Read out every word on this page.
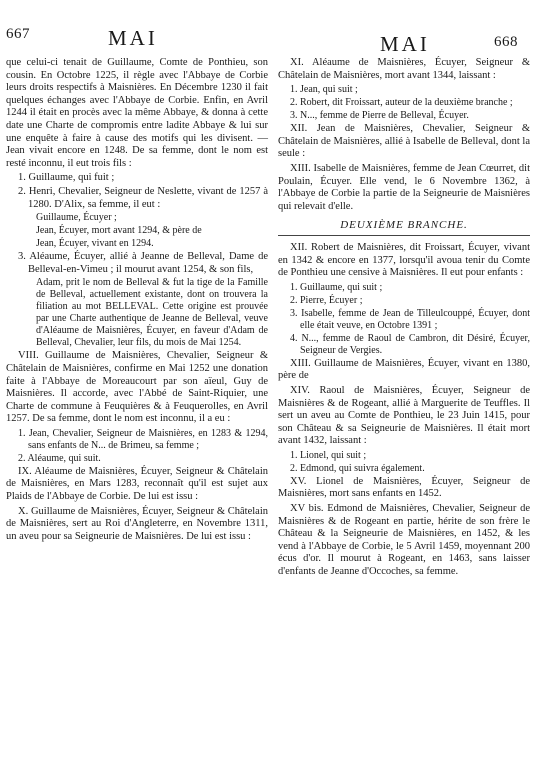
667	MAI	MAI	668

que celui-ci tenait de Guillaume, Comte de Ponthieu, son cousin. En Octobre 1225, il règle avec l'Abbaye de Corbie leurs droits respectifs à Maisnières. En Décembre 1230 il fait quelques échanges avec l'Abbaye de Corbie. Enfin, en Avril 1244 il était en procès avec la même Abbaye, & donna à cette date une Charte de compromis entre ladite Abbaye & lui sur une enquête à faire à cause des motifs qui les divisent. — Jean vivait encore en 1248. De sa femme, dont le nom est resté inconnu, il eut trois fils :

1. Guillaume, qui fuit ;

2. Henri, Chevalier, Seigneur de Neslette, vivant de 1257 à 1280. D'Alix, sa femme, il eut :

Guillaume, Écuyer ;

Jean, Écuyer, mort avant 1294, & père de

Jean, Écuyer, vivant en 1294.

3. Aléaume, Écuyer, allié à Jeanne de Belleval, Dame de Belleval-en-Vimeu ; il mourut avant 1254, & son fils,

Adam, prit le nom de Belleval & fut la tige de la Famille de Belleval, actuellement existante, dont on trouvera la filiation au mot BELLEVAL. Cette origine est prouvée par une Charte authentique de Jeanne de Belleval, veuve d'Aléaume de Maisnières, Écuyer, en faveur d'Adam de Belleval, Chevalier, leur fils, du mois de Mai 1254.

VIII. Guillaume de Maisnières, Chevalier, Seigneur & Châtelain de Maisnières, confirme en Mai 1252 une donation faite à l'Abbaye de Moreaucourt par son aïeul, Guy de Maisnières. Il accorde, avec l'Abbé de Saint-Riquier, une Charte de commune à Feuquières & à Feuquerolles, en Avril 1257. De sa femme, dont le nom est inconnu, il a eu :

1. Jean, Chevalier, Seigneur de Maisnières, en 1283 & 1294, sans enfants de N... de Brimeu, sa femme ;

2. Aléaume, qui suit.

IX. Aléaume de Maisnières, Écuyer, Seigneur & Châtelain de Maisnières, en Mars 1283, reconnaît qu'il est sujet aux Plaids de l'Abbaye de Corbie. De lui est issu :

X. Guillaume de Maisnières, Écuyer, Seigneur & Châtelain de Maisnières, sert au Roi d'Angleterre, en Novembre 1311, un aveu pour sa Seigneurie de Maisnières. De lui est issu :

XI. Aléaume de Maisnières, Écuyer, Seigneur & Châtelain de Maisnières, mort avant 1344, laissant :

1. Jean, qui suit ;

2. Robert, dit Froissart, auteur de la deuxième branche ;

3. N..., femme de Pierre de Belleval, Écuyer.

XII. Jean de Maisnières, Chevalier, Seigneur & Châtelain de Maisnières, allié à Isabelle de Belleval, dont la seule :

XIII. Isabelle de Maisnières, femme de Jean Cœurret, dit Poulain, Écuyer. Elle vend, le 6 Novembre 1362, à l'Abbaye de Corbie la partie de la Seigneurie de Maisnières qui relevait d'elle.

DEUXIÈME BRANCHE.

XII. Robert de Maisnières, dit Froissart, Écuyer, vivant en 1342 & encore en 1377, lorsqu'il avoua tenir du Comte de Ponthieu une censive à Maisnières. Il eut pour enfants :

1. Guillaume, qui suit ;

2. Pierre, Écuyer ;

3. Isabelle, femme de Jean de Tilleulcouppé, Écuyer, dont elle était veuve, en Octobre 1391 ;

4. N..., femme de Raoul de Cambron, dit Désiré, Écuyer, Seigneur de Vergies.

XIII. Guillaume de Maisnières, Écuyer, vivant en 1380, père de

XIV. Raoul de Maisnières, Écuyer, Seigneur de Maisnières & de Rogeant, allié à Marguerite de Teuffles. Il sert un aveu au Comte de Ponthieu, le 23 Juin 1415, pour son Château & sa Seigneurie de Maisnières. Il était mort avant 1432, laissant :

1. Lionel, qui suit ;

2. Edmond, qui suivra également.

XV. Lionel de Maisnières, Écuyer, Seigneur de Maisnières, mort sans enfants en 1452.

XV bis. Edmond de Maisnières, Chevalier, Seigneur de Maisnières & de Rogeant en partie, hérite de son frère le Château & la Seigneurie de Maisnières, en 1452, & les vend à l'Abbaye de Corbie, le 5 Avril 1459, moyennant 200 écus d'or. Il mourut à Rogeant, en 1463, sans laisser d'enfants de Jeanne d'Occoches, sa femme.
